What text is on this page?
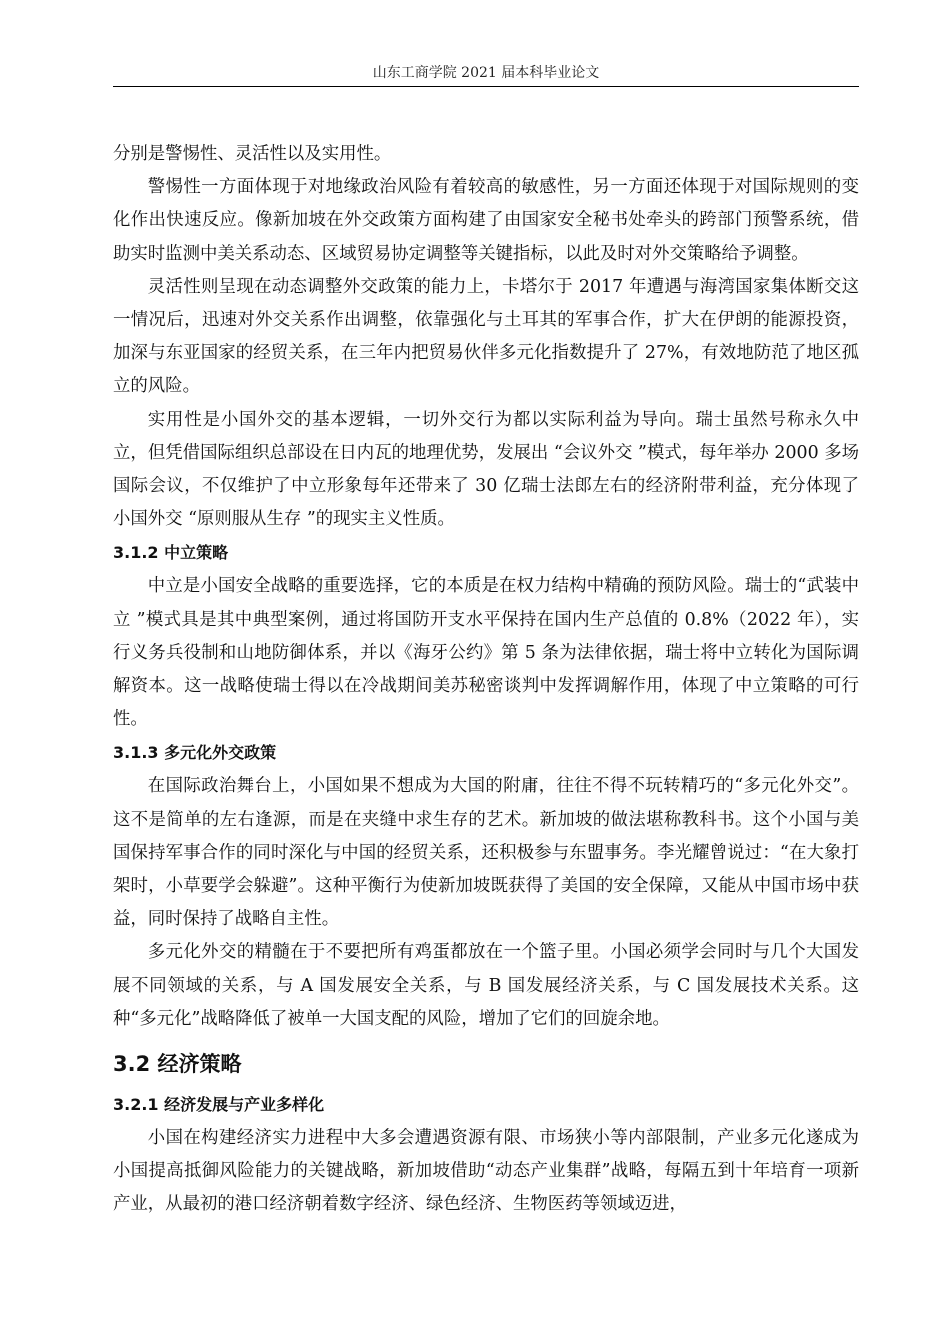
山东工商学院 2021 届本科毕业论文

分别是警惕性、灵活性以及实用性。

警惕性一方面体现于对地缘政治风险有着较高的敏感性，另一方面还体现于对国际规则的变化作出快速反应。像新加坡在外交政策方面构建了由国家安全秘书处牵头的跨部门预警系统，借助实时监测中美关系动态、区域贸易协定调整等关键指标，以此及时对外交策略给予调整。

灵活性则呈现在动态调整外交政策的能力上，卡塔尔于 2017 年遭遇与海湾国家集体断交这一情况后，迅速对外交关系作出调整，依靠强化与土耳其的军事合作，扩大在伊朗的能源投资，加深与东亚国家的经贸关系，在三年内把贸易伙伴多元化指数提升了 27%，有效地防范了地区孤立的风险。

实用性是小国外交的基本逻辑，一切外交行为都以实际利益为导向。瑞士虽然号称永久中立，但凭借国际组织总部设在日内瓦的地理优势，发展出 “会议外交 ”模式，每年举办 2000 多场国际会议，不仅维护了中立形象每年还带来了 30 亿瑞士法郎左右的经济附带利益，充分体现了小国外交 “原则服从生存 ”的现实主义性质。

3.1.2 中立策略

中立是小国安全战略的重要选择，它的本质是在权力结构中精确的预防风险。瑞士的“武装中立 ”模式具是其中典型案例，通过将国防开支水平保持在国内生产总值的 0.8%（2022 年），实行义务兵役制和山地防御体系，并以《海牙公约》第 5 条为法律依据，瑞士将中立转化为国际调解资本。这一战略使瑞士得以在冷战期间美苏秘密谈判中发挥调解作用，体现了中立策略的可行性。

3.1.3 多元化外交政策

在国际政治舞台上，小国如果不想成为大国的附庸，往往不得不玩转精巧的“多元化外交”。这不是简单的左右逢源，而是在夹缝中求生存的艺术。新加坡的做法堪称教科书。这个小国与美国保持军事合作的同时深化与中国的经贸关系，还积极参与东盟事务。李光耀曾说过：“在大象打架时，小草要学会躲避”。这种平衡行为使新加坡既获得了美国的安全保障，又能从中国市场中获益，同时保持了战略自主性。

多元化外交的精髓在于不要把所有鸡蛋都放在一个篮子里。小国必须学会同时与几个大国发展不同领域的关系，与 A 国发展安全关系，与 B 国发展经济关系，与 C 国发展技术关系。这种“多元化”战略降低了被单一大国支配的风险，增加了它们的回旋余地。

3.2 经济策略
3.2.1 经济发展与产业多样化

小国在构建经济实力进程中大多会遭遇资源有限、市场狭小等内部限制，产业多元化遂成为小国提高抵御风险能力的关键战略，新加坡借助“动态产业集群”战略，每隔五到十年培育一项新产业，从最初的港口经济朝着数字经济、绿色经济、生物医药等领域迈进，
